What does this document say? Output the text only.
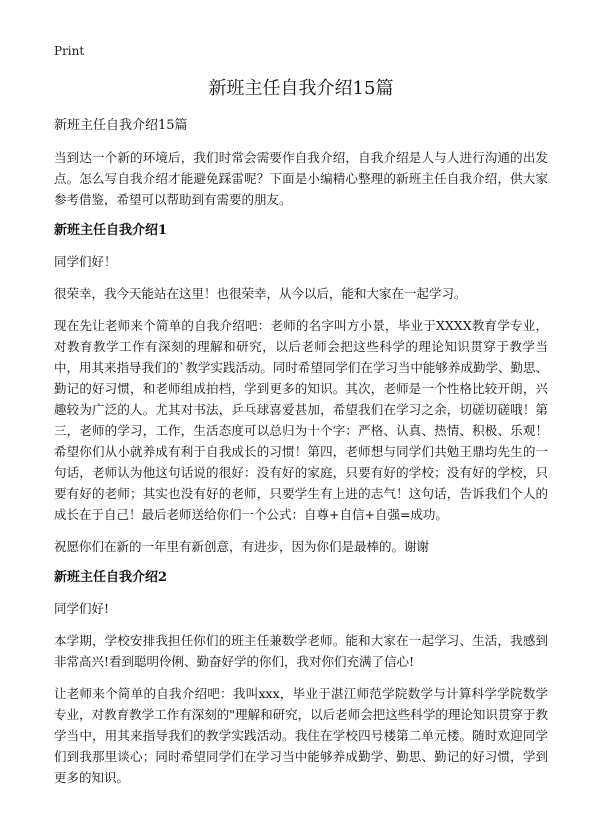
Print
新班主任自我介绍15篇
新班主任自我介绍15篇

当到达一个新的环境后，我们时常会需要作自我介绍，自我介绍是人与人进行沟通的出发点。怎么写自我介绍才能避免踩雷呢？下面是小编精心整理的新班主任自我介绍，供大家参考借鉴，希望可以帮助到有需要的朋友。

新班主任自我介绍1

同学们好！

很荣幸，我今天能站在这里！也很荣幸，从今以后，能和大家在一起学习。

现在先让老师来个简单的自我介绍吧：老师的名字叫方小景，毕业于XXXX教育学专业，对教育教学工作有深刻的理解和研究，以后老师会把这些科学的理论知识贯穿于教学当中，用其来指导我们的`教学实践活动。同时希望同学们在学习当中能够养成勤学、勤思、勤记的好习惯，和老师组成拍档，学到更多的知识。其次，老师是一个性格比较开朗，兴趣较为广泛的人。尤其对书法，乒乓球喜爱甚加，希望我们在学习之余，切磋切磋哦！第三，老师的学习，工作，生活态度可以总归为十个字：严格、认真、热情、积极、乐观！希望你们从小就养成有利于自我成长的习惯！第四，老师想与同学们共勉王鼎均先生的一句话，老师认为他这句话说的很好：没有好的家庭，只要有好的学校；没有好的学校，只要有好的老师；其实也没有好的老师，只要学生有上进的志气！这句话，告诉我们个人的成长在于自己！最后老师送给你们一个公式：自尊+自信+自强=成功。

祝愿你们在新的一年里有新创意，有进步，因为你们是最棒的。谢谢

新班主任自我介绍2

同学们好!

本学期，学校安排我担任你们的班主任兼数学老师。能和大家在一起学习、生活，我感到非常高兴!看到聪明伶俐、勤奋好学的你们，我对你们充满了信心!

让老师来个简单的自我介绍吧：我叫xxx，毕业于湛江师范学院数学与计算科学学院数学专业，对教育教学工作有深刻的"理解和研究，以后老师会把这些科学的理论知识贯穿于教学当中，用其来指导我们的教学实践活动。我住在学校四号楼第二单元楼。随时欢迎同学们到我那里谈心；同时希望同学们在学习当中能够养成勤学、勤思、勤记的好习惯，学到更多的知识。
